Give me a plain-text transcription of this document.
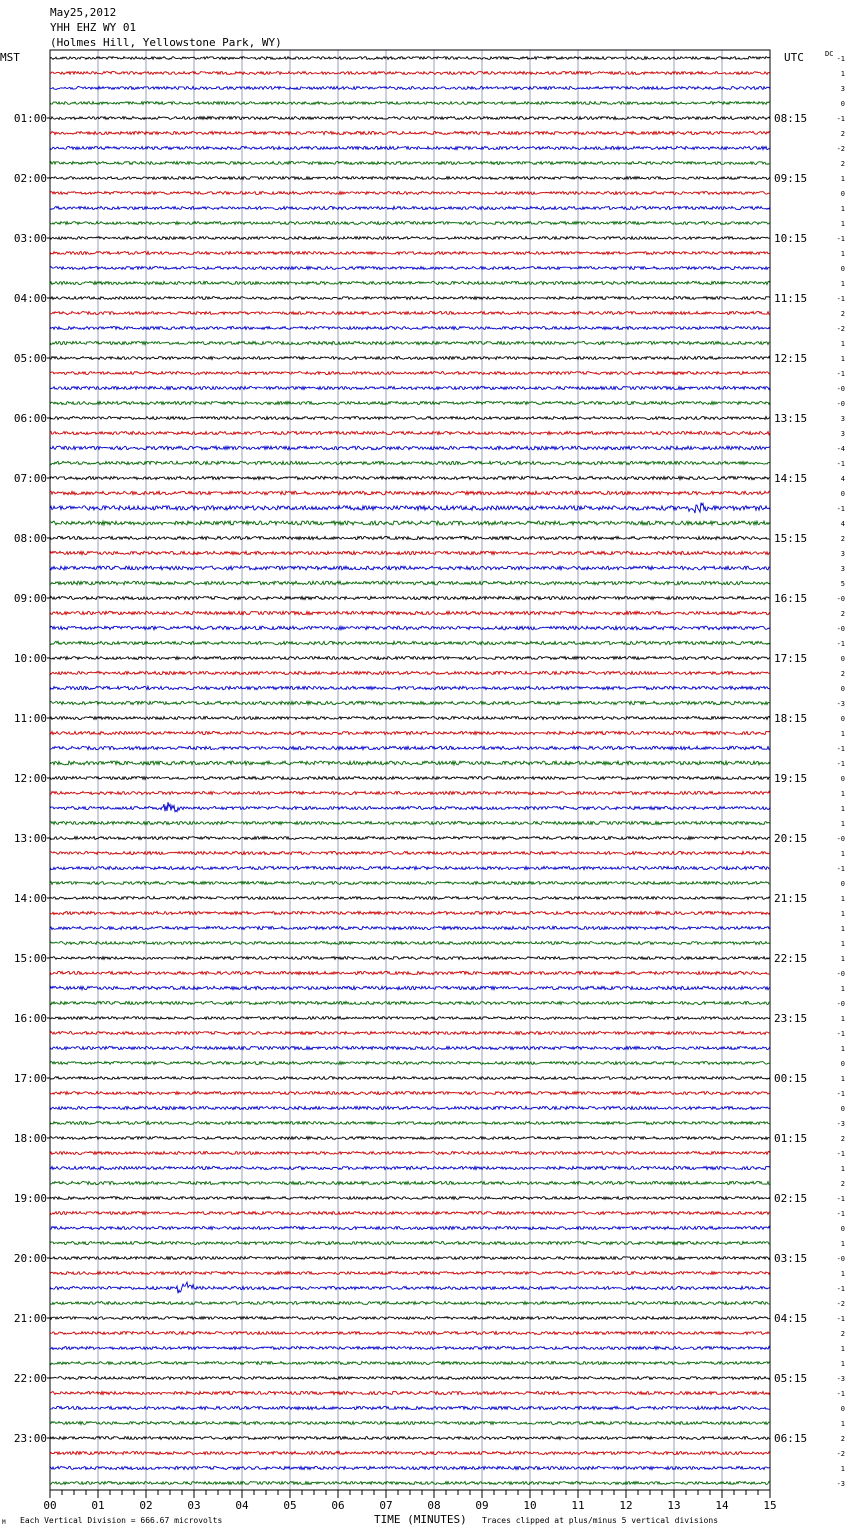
May25,2012
YHH EHZ WY 01
(Holmes Hill, Yellowstone Park, WY)
MST	UTC	DC
01:00
02:00
03:00
04:00
05:00
06:00
07:00
08:00
09:00
10:00
11:00
12:00
13:00
14:00
15:00
16:00
17:00
18:00
19:00
20:00
21:00
22:00
23:00
08:15
09:15
10:15
11:15
12:15
13:15
14:15
15:15
16:15
17:15
18:15
19:15
20:15
21:15
22:15
23:15
00:15
01:15
02:15
03:15
04:15
05:15
06:15
-1
1
3
0
-1
2
-2
2
1
0
1
1
-1
1
0
1
-1
2
-2
1
1
-1
-0
-0
3
3
-4
-1
4
0
-1
4
2
3
3
5
-0
2
-0
-1
0
2
0
-3
0
1
-1
-1
0
1
1
1
-0
1
-1
0
1
1
1
1
1
-0
1
-0
1
-1
1
0
1
-1
0
-3
2
-1
1
2
-1
-1
0
1
-0
1
-1
-2
-1
2
1
1
-3
-1
0
1
2
-2
1
-3
00	01	02	03	04	05	06	07	08	09	10	11	12	13	14	15
M Each Vertical Division = 666.67 microvolts	TIME (MINUTES) Traces clipped at plus/minus 5 vertical divisions
